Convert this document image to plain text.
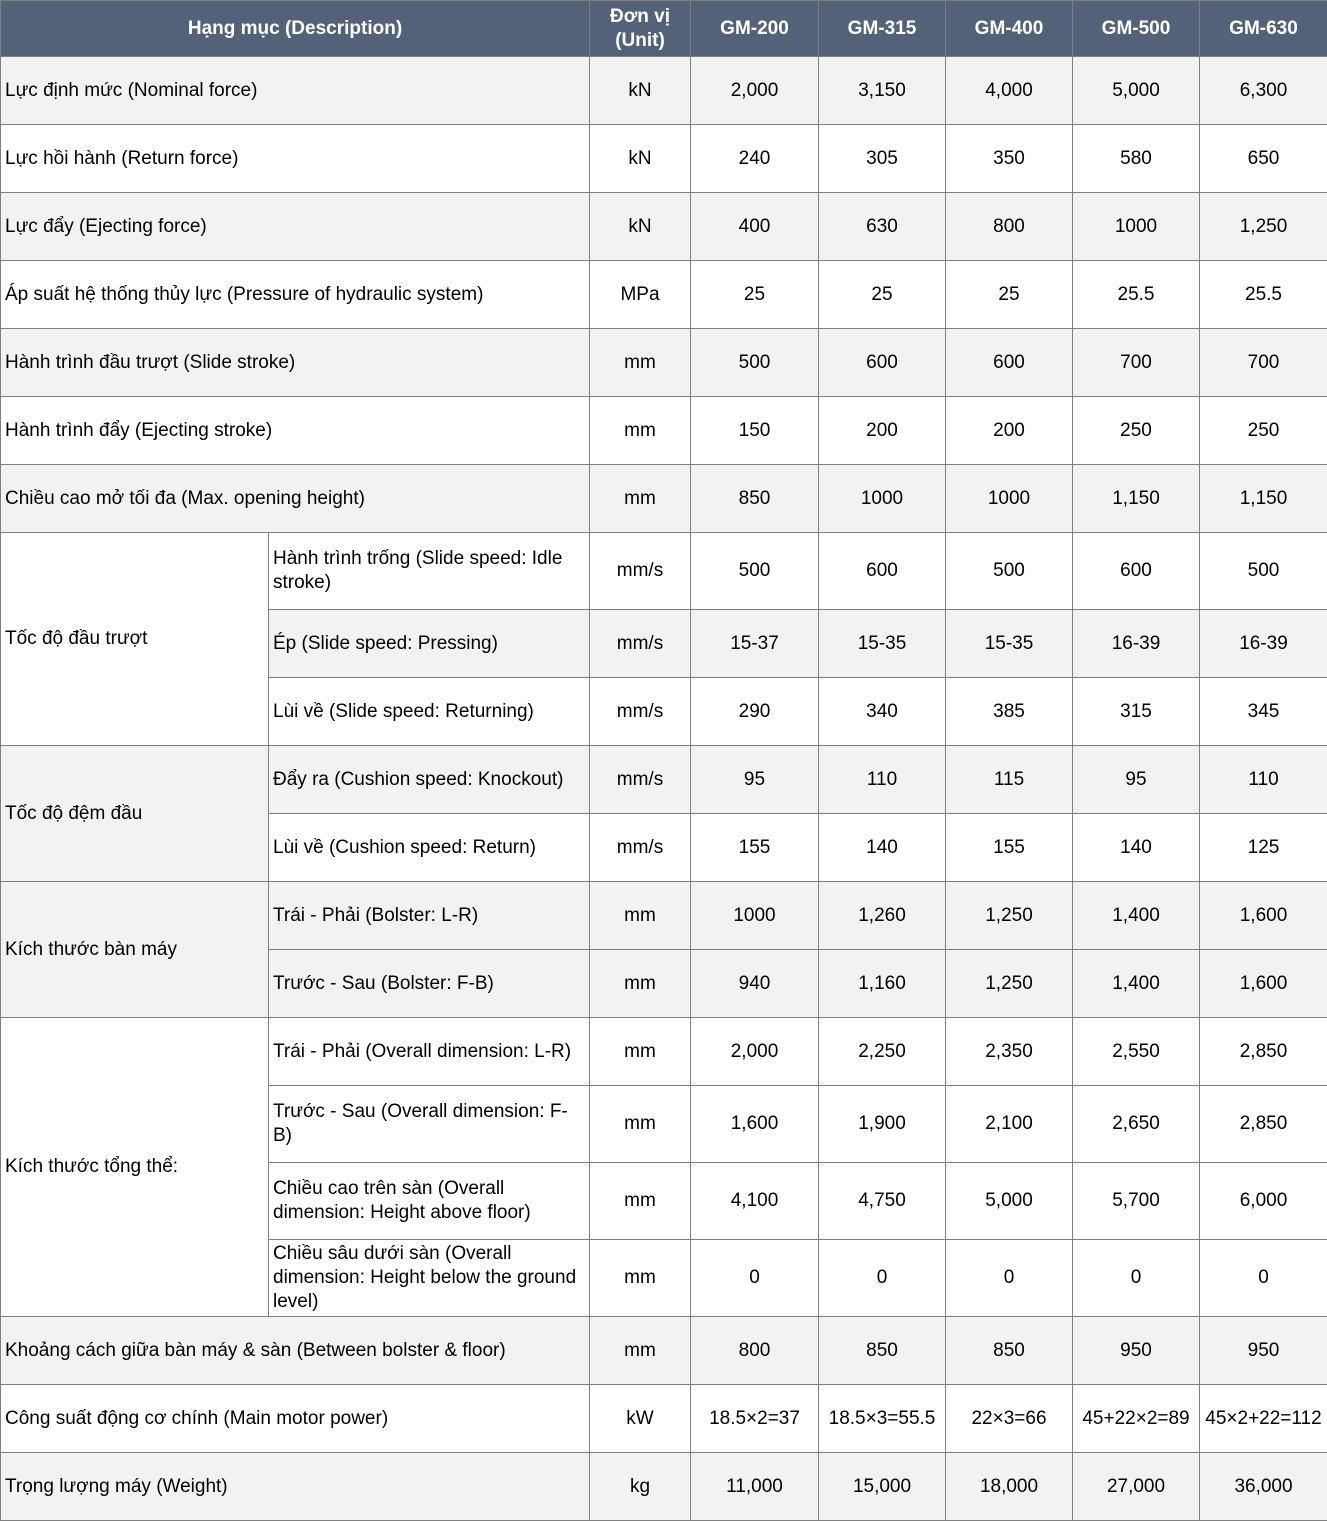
Hạng mục (Description)		Đơn vị (Unit)	GM-200	GM-315	GM-400	GM-500	GM-630
Lực định mức (Nominal force)		kN	2,000	3,150	4,000	5,000	6,300
Lực hồi hành (Return force)		kN	240	305	350	580	650
Lực đẩy (Ejecting force)		kN	400	630	800	1000	1,250
Áp suất hệ thống thủy lực (Pressure of hydraulic system)		MPa	25	25	25	25.5	25.5
Hành trình đầu trượt (Slide stroke)		mm	500	600	600	700	700
Hành trình đẩy (Ejecting stroke)		mm	150	200	200	250	250
Chiều cao mở tối đa (Max. opening height)		mm	850	1000	1000	1,150	1,150
Tốc độ đầu trượt	Hành trình trống (Slide speed: Idle stroke)	mm/s	500	600	500	600	500
	Ép (Slide speed: Pressing)	mm/s	15-37	15-35	15-35	16-39	16-39
	Lùi về (Slide speed: Returning)	mm/s	290	340	385	315	345
Tốc độ đệm đầu	Đẩy ra (Cushion speed: Knockout)	mm/s	95	110	115	95	110
	Lùi về (Cushion speed: Return)	mm/s	155	140	155	140	125
Kích thước bàn máy	Trái - Phải (Bolster: L-R)	mm	1000	1,260	1,250	1,400	1,600
	Trước - Sau (Bolster: F-B)	mm	940	1,160	1,250	1,400	1,600
Kích thước tổng thể:	Trái - Phải (Overall dimension: L-R)	mm	2,000	2,250	2,350	2,550	2,850
	Trước - Sau (Overall dimension: F-B)	mm	1,600	1,900	2,100	2,650	2,850
	Chiều cao trên sàn (Overall dimension: Height above floor)	mm	4,100	4,750	5,000	5,700	6,000
	Chiều sâu dưới sàn (Overall dimension: Height below the ground level)	mm	0	0	0	0	0
Khoảng cách giữa bàn máy & sàn (Between bolster & floor)		mm	800	850	850	950	950
Công suất động cơ chính (Main motor power)		kW	18.5×2=37	18.5×3=55.5	22×3=66	45+22×2=89	45×2+22=112
Trọng lượng máy (Weight)		kg	11,000	15,000	18,000	27,000	36,000
